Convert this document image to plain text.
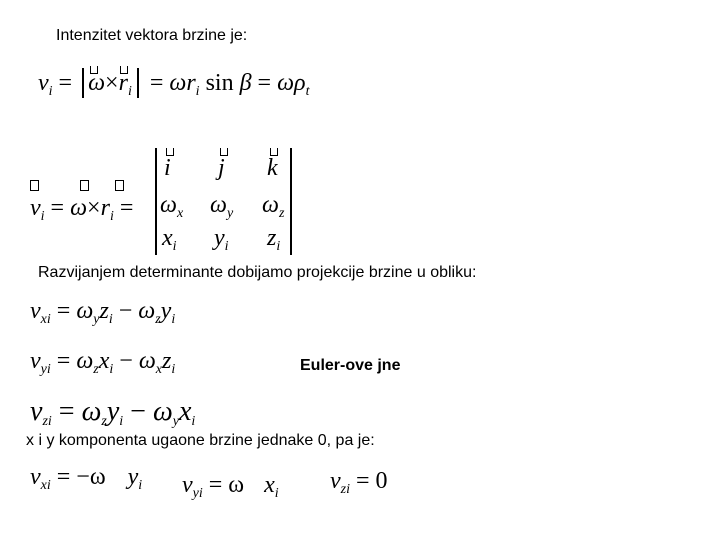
Intenzitet vektora brzine je:
$v_i = \omega\times r_i = \omega r_i$ $\sin \beta = \omega\rho_t$
$v_i = \omega\times r_i$ =
i j k
$\omega_x$ $\omega_y$ $\omega_z$
$x_i$ $y_i$ $z_i$
Razvijanjem determinante dobijamo projekcije brzine u obliku:
$v_{xi} = \omega_yz_i - \omega_zy_i$
$v_{yi} = \omega_zx_i - \omega_xz_i$	Euler-ove jne
$v_{zi} = \omega_zy_i - \omega_yx_i$
x i y komponenta ugaone brzine jednake 0, pa je:
$v_{xi} = -\omega$ $y_i$ $v_{yi} = \omega$ $x_i$ $v_{zi} = 0$
